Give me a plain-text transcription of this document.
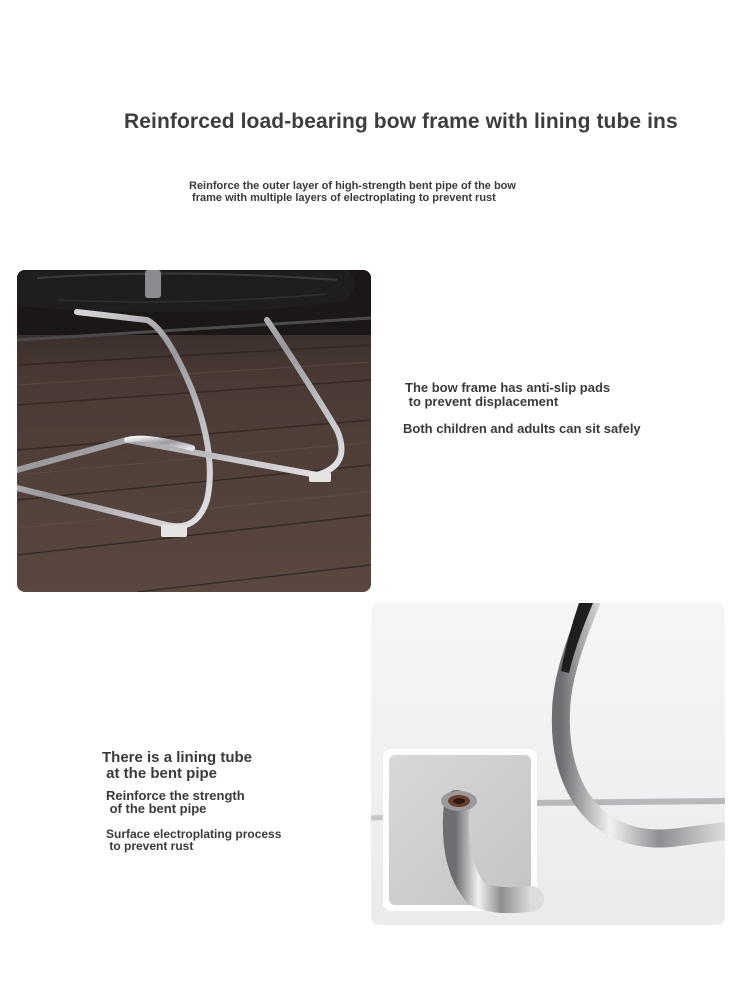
Reinforced load-bearing bow frame with lining tube ins
Reinforce the outer layer of high-strength bent pipe of the bow
frame with multiple layers of electroplating to prevent rust
The bow frame has anti-slip pads
to prevent displacement
Both children and adults can sit safely
There is a lining tube
at the bent pipe
Reinforce the strength
of the bent pipe
Surface electroplating process
to prevent rust
